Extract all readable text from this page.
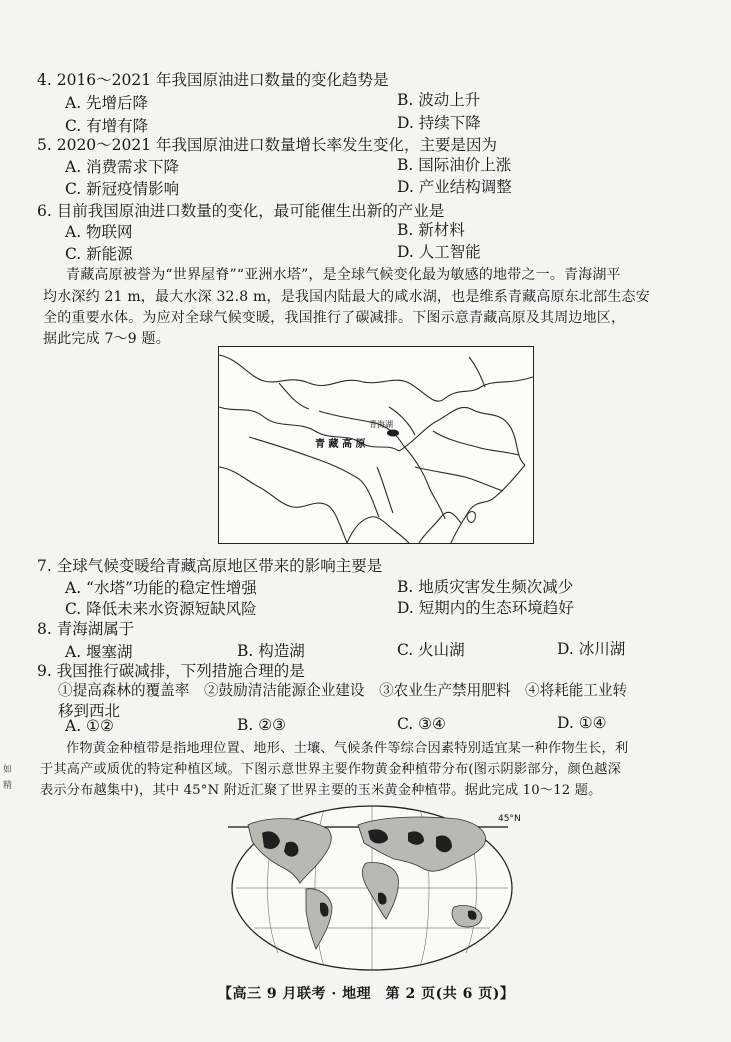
4. 2016～2021 年我国原油进口数量的变化趋势是
A. 先增后降	B. 波动上升
C. 有增有降	D. 持续下降
5. 2020～2021 年我国原油进口数量增长率发生变化，主要是因为
A. 消费需求下降	B. 国际油价上涨
C. 新冠疫情影响	D. 产业结构调整
6. 目前我国原油进口数量的变化，最可能催生出新的产业是
A. 物联网	B. 新材料
C. 新能源	D. 人工智能
青藏高原被誉为“世界屋脊”“亚洲水塔”，是全球气候变化最为敏感的地带之一。青海湖平
均水深约 21 m，最大水深 32.8 m，是我国内陆最大的咸水湖，也是维系青藏高原东北部生态安
全的重要水体。为应对全球气候变暖，我国推行了碳减排。下图示意青藏高原及其周边地区，
据此完成 7～9 题。
青海湖
青 藏 高 原
7. 全球气候变暖给青藏高原地区带来的影响主要是
A. “水塔”功能的稳定性增强	B. 地质灾害发生频次减少
C. 降低未来水资源短缺风险	D. 短期内的生态环境趋好
8. 青海湖属于
A. 堰塞湖	B. 构造湖	C. 火山湖	D. 冰川湖
9. 我国推行碳减排，下列措施合理的是
①提高森林的覆盖率　②鼓励清洁能源企业建设　③农业生产禁用肥料　④将耗能工业转
移到西北
A. ①②	B. ②③	C. ③④	D. ①④
作物黄金种植带是指地理位置、地形、土壤、气候条件等综合因素特别适宜某一种作物生长，利
于其高产或质优的特定种植区域。下图示意世界主要作物黄金种植带分布(图示阴影部分，颜色越深
表示分布越集中)，其中 45°N 附近汇聚了世界主要的玉米黄金种植带。据此完成 10～12 题。
如
精
45°N
【高三 9 月联考 · 地理　第 2 页(共 6 页)】
